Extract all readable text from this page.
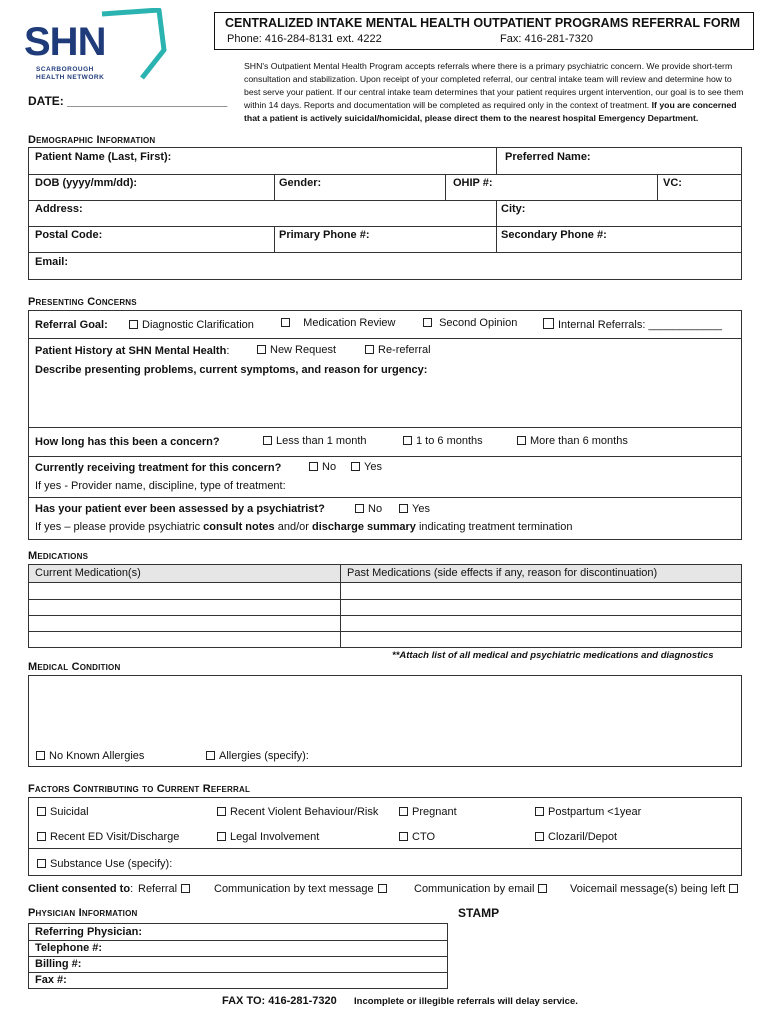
SHN
SCARBOROUGH
HEALTH NETWORK
CENTRALIZED INTAKE MENTAL HEALTH OUTPATIENT PROGRAMS REFERRAL FORM
Phone: 416-284-8131 ext. 4222	Fax: 416-281-7320
SHN's Outpatient Mental Health Program accepts referrals where there is a primary psychiatric concern. We provide short-term consultation and stabilization. Upon receipt of your completed referral, our central intake team will review and determine how to best serve your patient. If our central intake team determines that your patient requires urgent intervention, our goal is to see them within 14 days. Reports and documentation will be completed as required only in the context of treatment. If you are concerned that a patient is actively suicidal/homicidal, please direct them to the nearest hospital Emergency Department.
DATE: ________________________
Demographic Information
Patient Name (Last, First):	Preferred Name:
DOB (yyyy/mm/dd):	Gender:	OHIP #:	VC:
Address:	City:
Postal Code:	Primary Phone #:	Secondary Phone #:
Email:
Presenting Concerns
Referral Goal:	Diagnostic Clarification	Medication Review	Second Opinion	Internal Referrals: ____________
Patient History at SHN Mental Health:	New Request	Re-referral
Describe presenting problems, current symptoms, and reason for urgency:
How long has this been a concern?	Less than 1 month	1 to 6 months	More than 6 months
Currently receiving treatment for this concern?	No	Yes
If yes - Provider name, discipline, type of treatment:
Has your patient ever been assessed by a psychiatrist?	No	Yes
If yes – please provide psychiatric consult notes and/or discharge summary indicating treatment termination
Medications
Current Medication(s)	Past Medications (side effects if any, reason for discontinuation)
**Attach list of all medical and psychiatric medications and diagnostics
Medical Condition
No Known Allergies	Allergies (specify):
Factors Contributing to Current Referral
Suicidal	Recent Violent Behaviour/Risk	Pregnant	Postpartum <1year
Recent ED Visit/Discharge	Legal Involvement	CTO	Clozaril/Depot
Substance Use (specify):
Client consented to: Referral	Communication by text message	Communication by email	Voicemail message(s) being left
Physician Information	STAMP
Referring Physician:
Telephone #:
Billing #:
Fax #:
FAX TO: 416-281-7320 Incomplete or illegible referrals will delay service.
